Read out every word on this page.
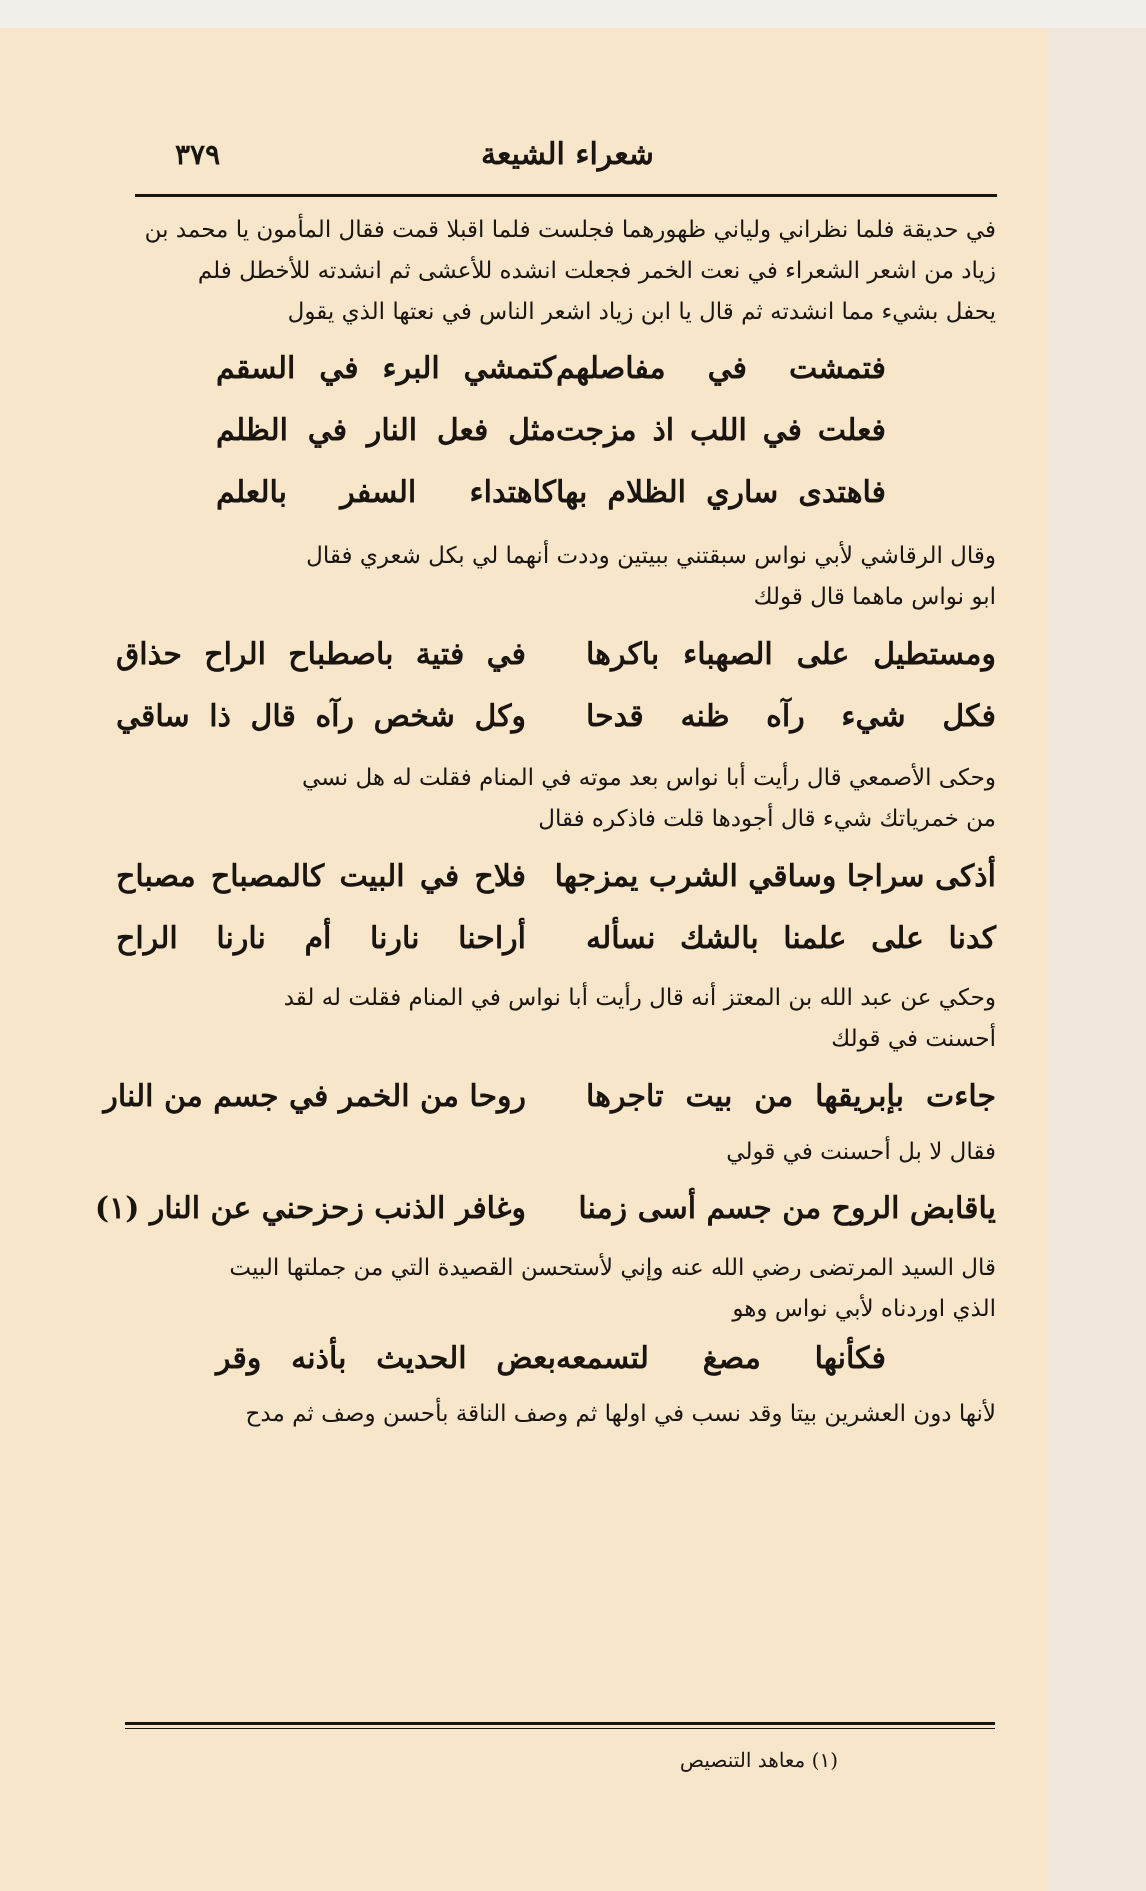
شعراء الشيعة
٣٧٩

في حديقة فلما نظراني ولياني ظهورهما فجلست فلما اقبلا قمت فقال المأمون يا محمد بن

زياد من اشعر الشعراء في نعت الخمر فجعلت انشده للأعشى ثم انشدته للأخطل فلم

يحفل بشيء مما انشدته ثم قال يا ابن زياد اشعر الناس في نعتها الذي يقول

فتمشت في مفاصلهم
كتمشي البرء في السقم
فعلت في اللب اذ مزجت
مثل فعل النار في الظلم
فاهتدى ساري الظلام بها
كاهتداء السفر بالعلم

وقال الرقاشي لأبي نواس سبقتني ببيتين وددت أنهما لي بكل شعري فقال

ابو نواس ماهما قال قولك

ومستطيل على الصهباء باكرها
في فتية باصطباح الراح حذاق
فكل شيء رآه ظنه قدحا
وكل شخص رآه قال ذا ساقي

وحكى الأصمعي قال رأيت أبا نواس بعد موته في المنام فقلت له هل نسي

من خمرياتك شيء قال أجودها قلت فاذكره فقال

أذكى سراجا وساقي الشرب يمزجها
فلاح في البيت كالمصباح مصباح
كدنا على علمنا بالشك نسأله
أراحنا نارنا أم نارنا الراح

وحكي عن عبد الله بن المعتز أنه قال رأيت أبا نواس في المنام فقلت له لقد

أحسنت في قولك

جاءت بإبريقها من بيت تاجرها
روحا من الخمر في جسم من النار

فقال لا بل أحسنت في قولي

ياقابض الروح من جسم أسى زمنا
وغافر الذنب زحزحني عن النار (١)

قال السيد المرتضى رضي الله عنه وإني لأستحسن القصيدة التي من جملتها البيت

الذي اوردناه لأبي نواس وهو

فكأنها مصغ لتسمعه
بعض الحديث بأذنه وقر

لأنها دون العشرين بيتا وقد نسب في اولها ثم وصف الناقة بأحسن وصف ثم مدح

(١) معاهد التنصيص
